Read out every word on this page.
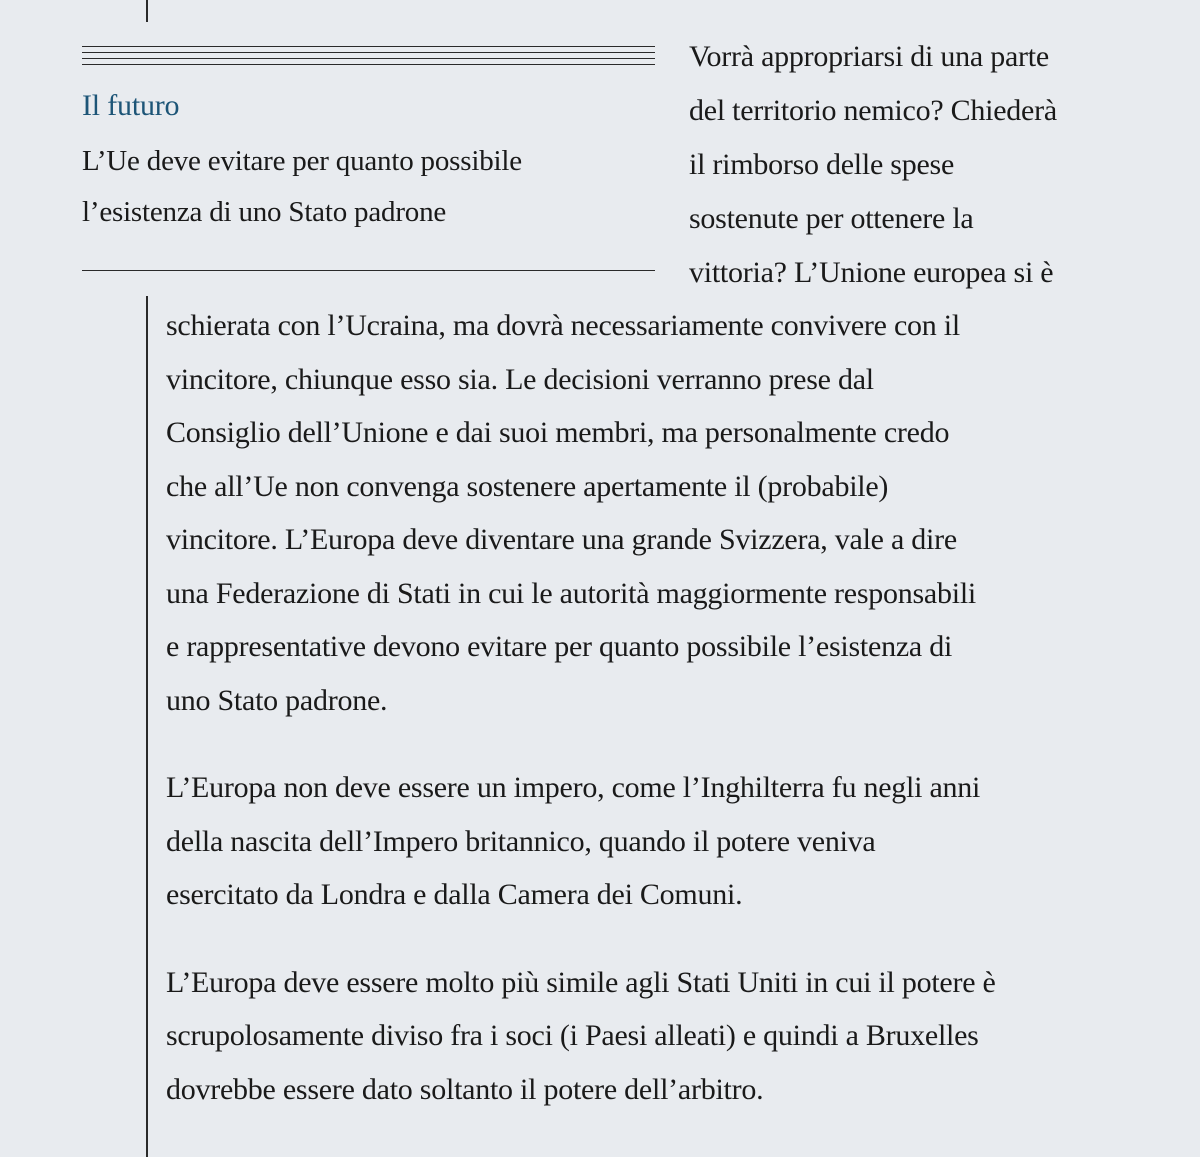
Il futuro
L’Ue deve evitare per quanto possibile
l’esistenza di uno Stato padrone
Vorrà appropriarsi di una parte
del territorio nemico? Chiederà
il rimborso delle spese
sostenute per ottenere la
vittoria? L’Unione europea si è

schierata con l’Ucraina, ma dovrà necessariamente convivere con il
vincitore, chiunque esso sia. Le decisioni verranno prese dal
Consiglio dell’Unione e dai suoi membri, ma personalmente credo
che all’Ue non convenga sostenere apertamente il (probabile)
vincitore. L’Europa deve diventare una grande Svizzera, vale a dire
una Federazione di Stati in cui le autorità maggiormente responsabili
e rappresentative devono evitare per quanto possibile l’esistenza di
uno Stato padrone.

L’Europa non deve essere un impero, come l’Inghilterra fu negli anni
della nascita dell’Impero britannico, quando il potere veniva
esercitato da Londra e dalla Camera dei Comuni.

L’Europa deve essere molto più simile agli Stati Uniti in cui il potere è
scrupolosamente diviso fra i soci (i Paesi alleati) e quindi a Bruxelles
dovrebbe essere dato soltanto il potere dell’arbitro.
